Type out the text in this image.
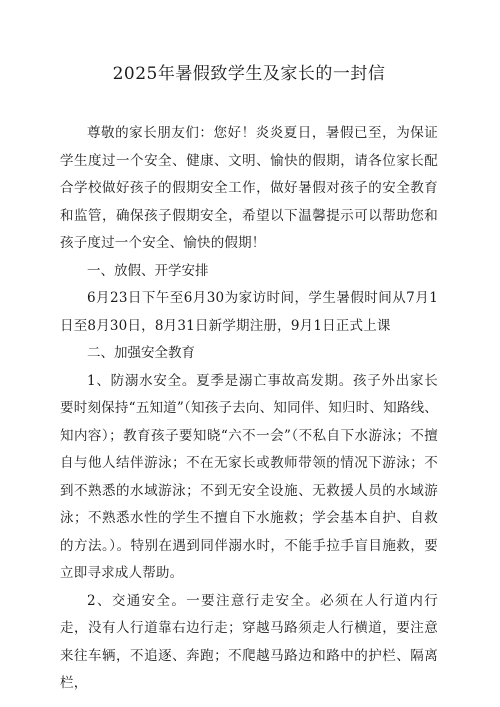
2025年暑假致学生及家长的一封信

尊敬的家长朋友们：您好！炎炎夏日，暑假已至，为保证学生度过一个安全、健康、文明、愉快的假期，请各位家长配合学校做好孩子的假期安全工作，做好暑假对孩子的安全教育和监管，确保孩子假期安全，希望以下温馨提示可以帮助您和孩子度过一个安全、愉快的假期！

一、放假、开学安排

6月23日下午至6月30为家访时间，学生暑假时间从7月1日至8月30日，8月31日新学期注册，9月1日正式上课

二、加强安全教育

1、防溺水安全。夏季是溺亡事故高发期。孩子外出家长要时刻保持“五知道”（知孩子去向、知同伴、知归时、知路线、知内容）；教育孩子要知晓“六不一会”（不私自下水游泳；不擅自与他人结伴游泳；不在无家长或教师带领的情况下游泳；不到不熟悉的水域游泳；不到无安全设施、无救援人员的水域游泳；不熟悉水性的学生不擅自下水施救；学会基本自护、自救的方法。）。特别在遇到同伴溺水时，不能手拉手盲目施救，要立即寻求成人帮助。

2、交通安全。一要注意行走安全。必须在人行道内行走，没有人行道靠右边行走；穿越马路须走人行横道，要注意来往车辆，不追逐、奔跑；不爬越马路边和路中的护栏、隔离栏，
